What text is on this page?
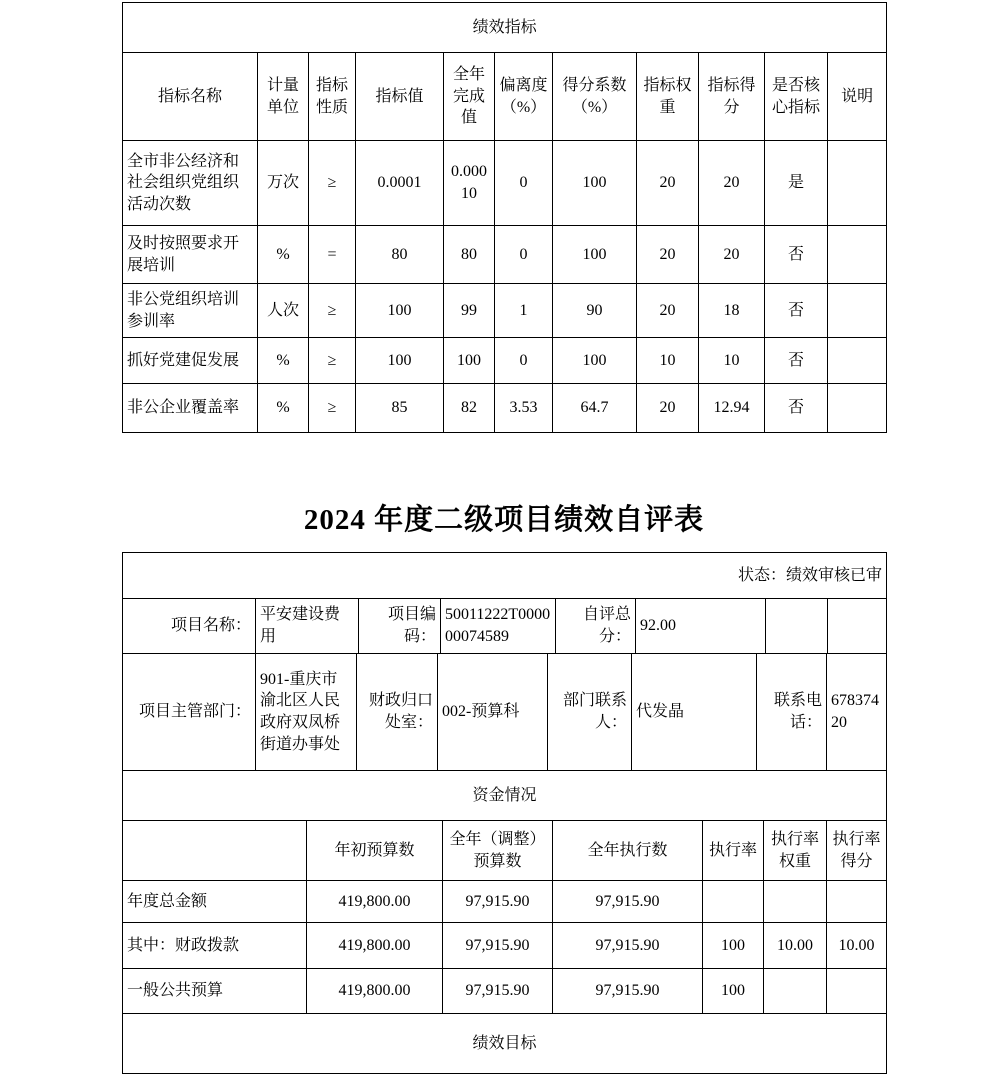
绩效指标										
指标名称	计量单位	指标性质	指标值	全年完成值	偏离度（%）	得分系数（%）	指标权重	指标得分	是否核心指标	说明
全市非公经济和社会组织党组织活动次数	万次	≥	0.0001	0.00010	0	100	20	20	是	
及时按照要求开展培训	%	=	80	80	0	100	20	20	否	
非公党组织培训参训率	人次	≥	100	99	1	90	20	18	否	
抓好党建促发展	%	≥	100	100	0	100	10	10	否	
非公企业覆盖率	%	≥	85	82	3.53	64.7	20	12.94	否	
2024 年度二级项目绩效自评表
状态：绩效审核已审
项目名称：	平安建设费用	项目编码：	50011222T000000074589	自评总分：	92.00		
项目主管部门：	901-重庆市渝北区人民政府双凤桥街道办事处	财政归口处室：	002-预算科	部门联系人：	代发晶	联系电话：	67837420
资金情况						
	年初预算数	全年（调整）预算数	全年执行数	执行率	执行率权重	执行率得分
年度总金额	419,800.00	97,915.90	97,915.90			
其中：财政拨款	419,800.00	97,915.90	97,915.90	100	10.00	10.00
一般公共预算	419,800.00	97,915.90	97,915.90	100		
绩效目标						
